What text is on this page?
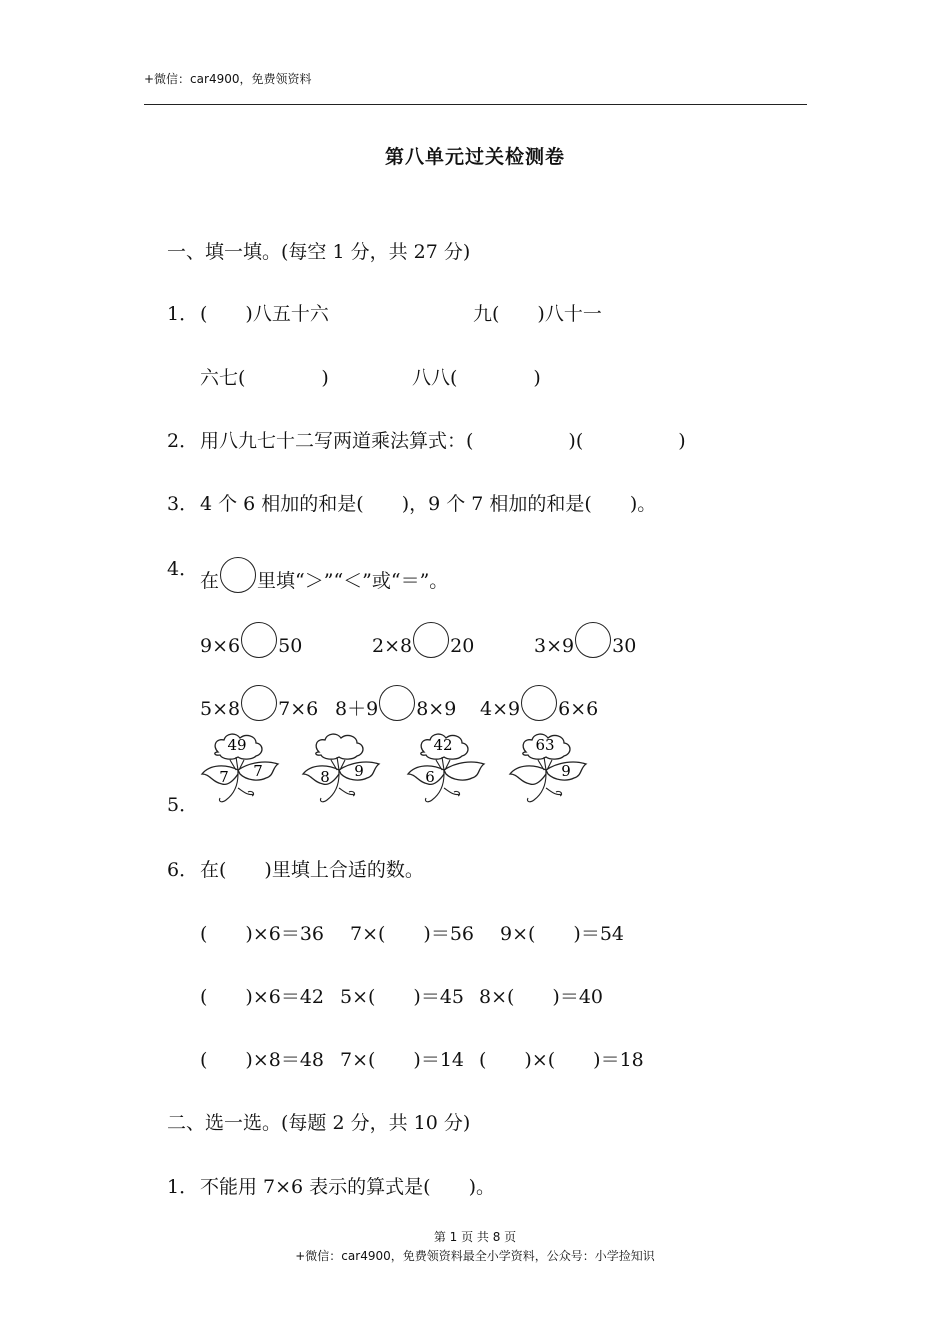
+微信：car4900，免费领资料
第八单元过关检测卷
一、填一填。(每空 1 分，共 27 分)
1． (　　)八五十六	九(　　)八十一
六七(　　　　)	八八(　　　　)
2． 用八九七十二写两道乘法算式：(　　　　　)(　　　　　)
3． 4 个 6 相加的和是(　　)，9 个 7 相加的和是(　　)。
4．
在 里填“＞”“＜”或“＝”。
9×6 50	2×8 20	3×9 30
5×8 7×6 8＋9 8×9 4×9 6×6
5．
49
7 7	8 9
42
6
63
9
6． 在(　　)里填上合适的数。
(　　)×6＝36 7×(　　)＝56 9×(　　)＝54
(　　)×6＝42 5×(　　)＝45 8×(　　)＝40
(　　)×8＝48 7×(　　)＝14 (　　)×(　　)＝18
二、选一选。(每题 2 分，共 10 分)
1． 不能用 7×6 表示的算式是(　　)。
第 1 页 共 8 页
+微信：car4900，免费领资料最全小学资料，公众号：小学捡知识
